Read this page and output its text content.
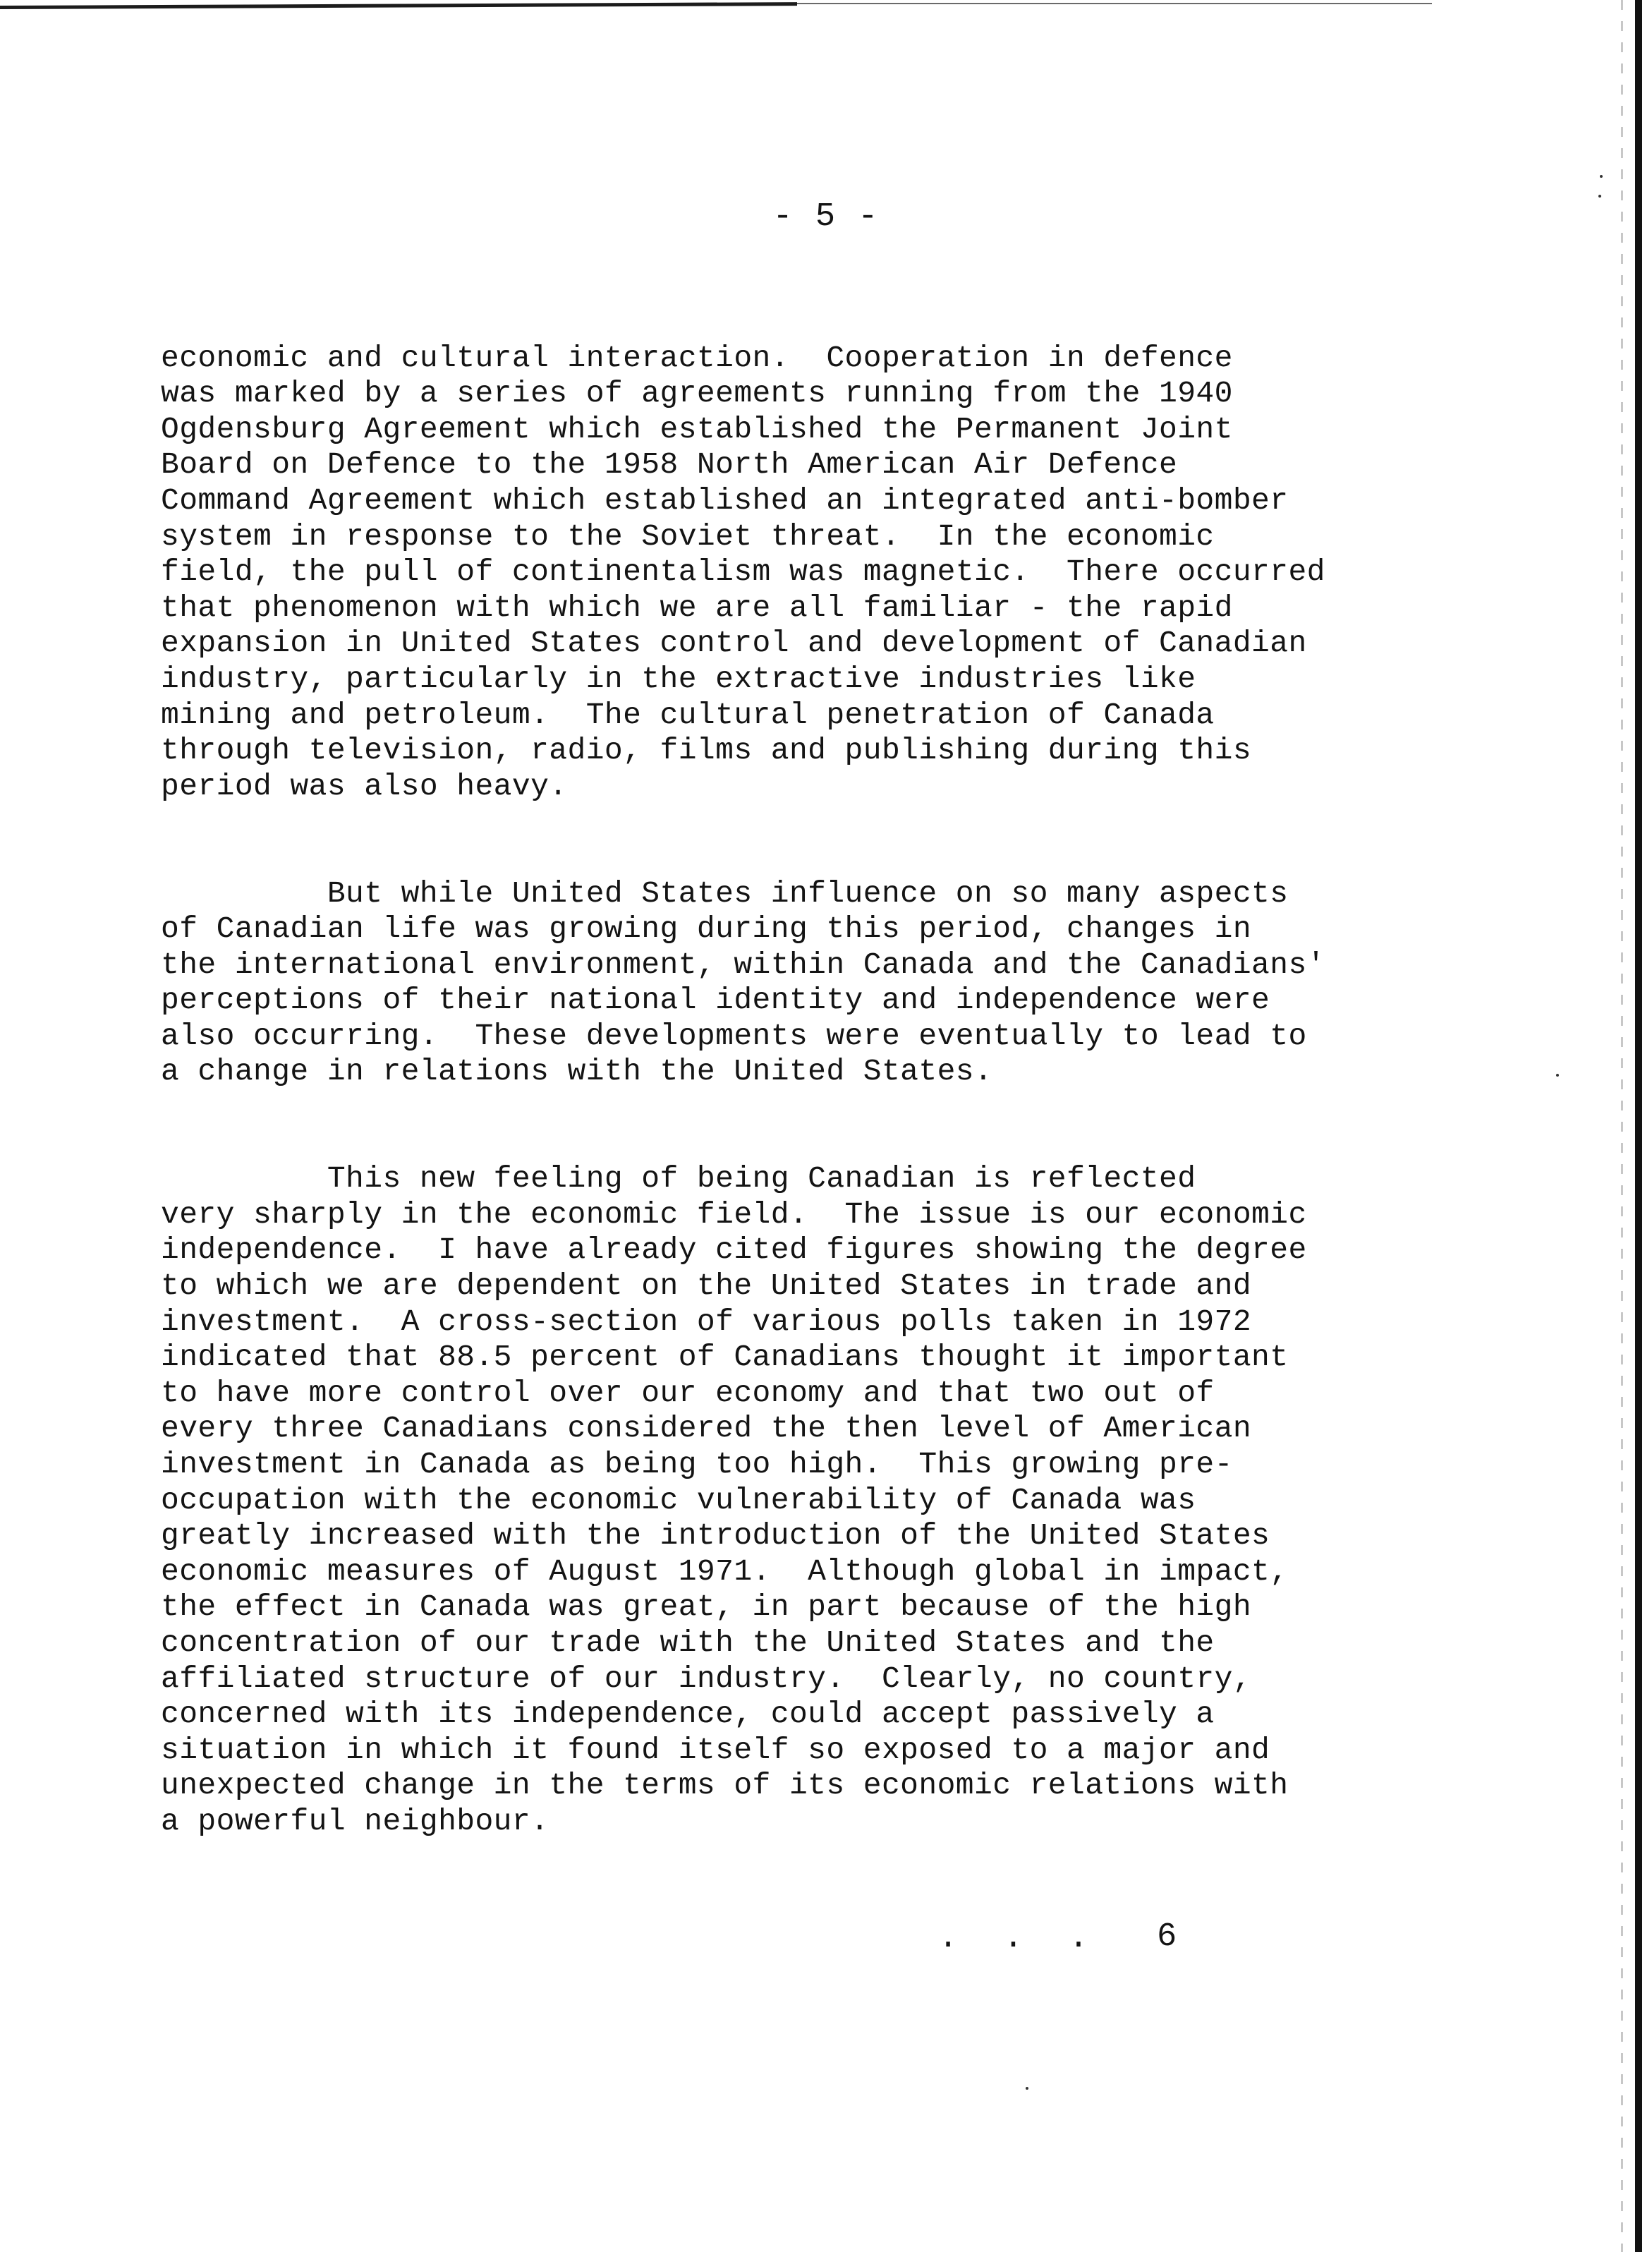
- 5 -

economic and cultural interaction.  Cooperation in defence
was marked by a series of agreements running from the 1940
Ogdensburg Agreement which established the Permanent Joint
Board on Defence to the 1958 North American Air Defence
Command Agreement which established an integrated anti-bomber
system in response to the Soviet threat.  In the economic
field, the pull of continentalism was magnetic.  There occurred
that phenomenon with which we are all familiar - the rapid
expansion in United States control and development of Canadian
industry, particularly in the extractive industries like
mining and petroleum.  The cultural penetration of Canada
through television, radio, films and publishing during this
period was also heavy.

But while United States influence on so many aspects
of Canadian life was growing during this period, changes in
the international environment, within Canada and the Canadians'
perceptions of their national identity and independence were
also occurring.  These developments were eventually to lead to
a change in relations with the United States.

This new feeling of being Canadian is reflected
very sharply in the economic field.  The issue is our economic
independence.  I have already cited figures showing the degree
to which we are dependent on the United States in trade and
investment.  A cross-section of various polls taken in 1972
indicated that 88.5 percent of Canadians thought it important
to have more control over our economy and that two out of
every three Canadians considered the then level of American
investment in Canada as being too high.  This growing pre-
occupation with the economic vulnerability of Canada was
greatly increased with the introduction of the United States
economic measures of August 1971.  Although global in impact,
the effect in Canada was great, in part because of the high
concentration of our trade with the United States and the
affiliated structure of our industry.  Clearly, no country,
concerned with its independence, could accept passively a
situation in which it found itself so exposed to a major and
unexpected change in the terms of its economic relations with
a powerful neighbour.

. . . 6
